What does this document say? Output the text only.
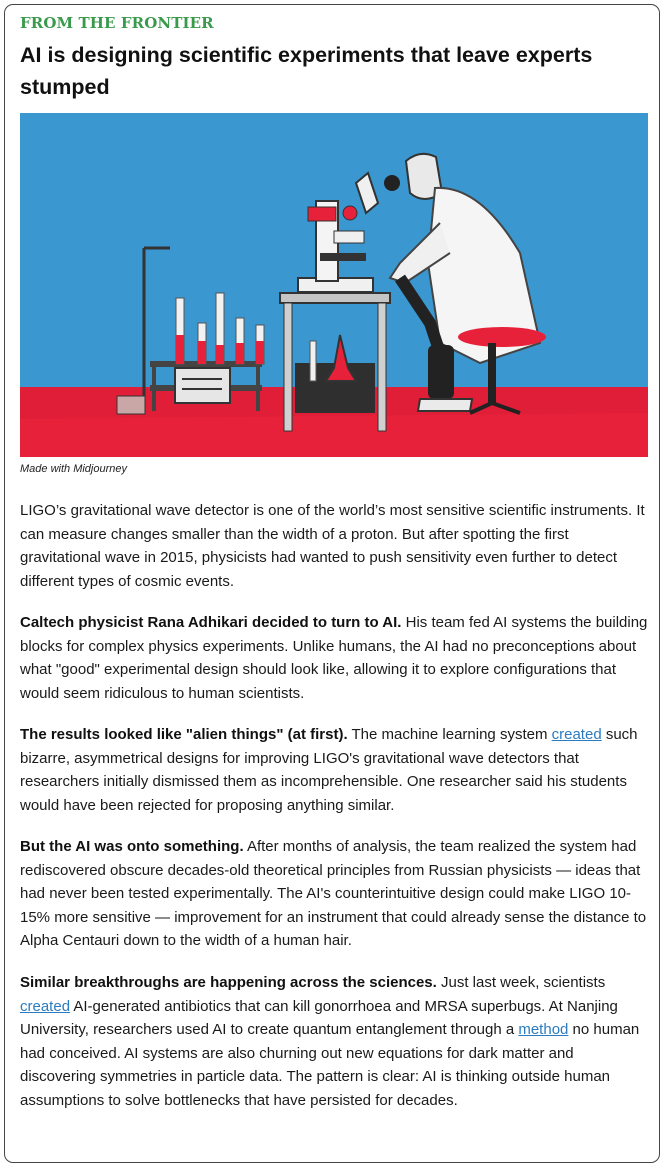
FROM THE FRONTIER
AI is designing scientific experiments that leave experts stumped
Made with Midjourney

LIGO’s gravitational wave detector is one of the world’s most sensitive scientific instruments. It can measure changes smaller than the width of a proton. But after spotting the first gravitational wave in 2015, physicists had wanted to push sensitivity even further to detect different types of cosmic events.

Caltech physicist Rana Adhikari decided to turn to AI. His team fed AI systems the building blocks for complex physics experiments. Unlike humans, the AI had no preconceptions about what "good" experimental design should look like, allowing it to explore configurations that would seem ridiculous to human scientists.

The results looked like "alien things" (at first). The machine learning system created such bizarre, asymmetrical designs for improving LIGO's gravitational wave detectors that researchers initially dismissed them as incomprehensible. One researcher said his students would have been rejected for proposing anything similar.

But the AI was onto something. After months of analysis, the team realized the system had rediscovered obscure decades-old theoretical principles from Russian physicists — ideas that had never been tested experimentally. The AI's counterintuitive design could make LIGO 10-15% more sensitive — improvement for an instrument that could already sense the distance to Alpha Centauri down to the width of a human hair.

Similar breakthroughs are happening across the sciences. Just last week, scientists created AI-generated antibiotics that can kill gonorrhoea and MRSA superbugs. At Nanjing University, researchers used AI to create quantum entanglement through a method no human had conceived. AI systems are also churning out new equations for dark matter and discovering symmetries in particle data. The pattern is clear: AI is thinking outside human assumptions to solve bottlenecks that have persisted for decades.
